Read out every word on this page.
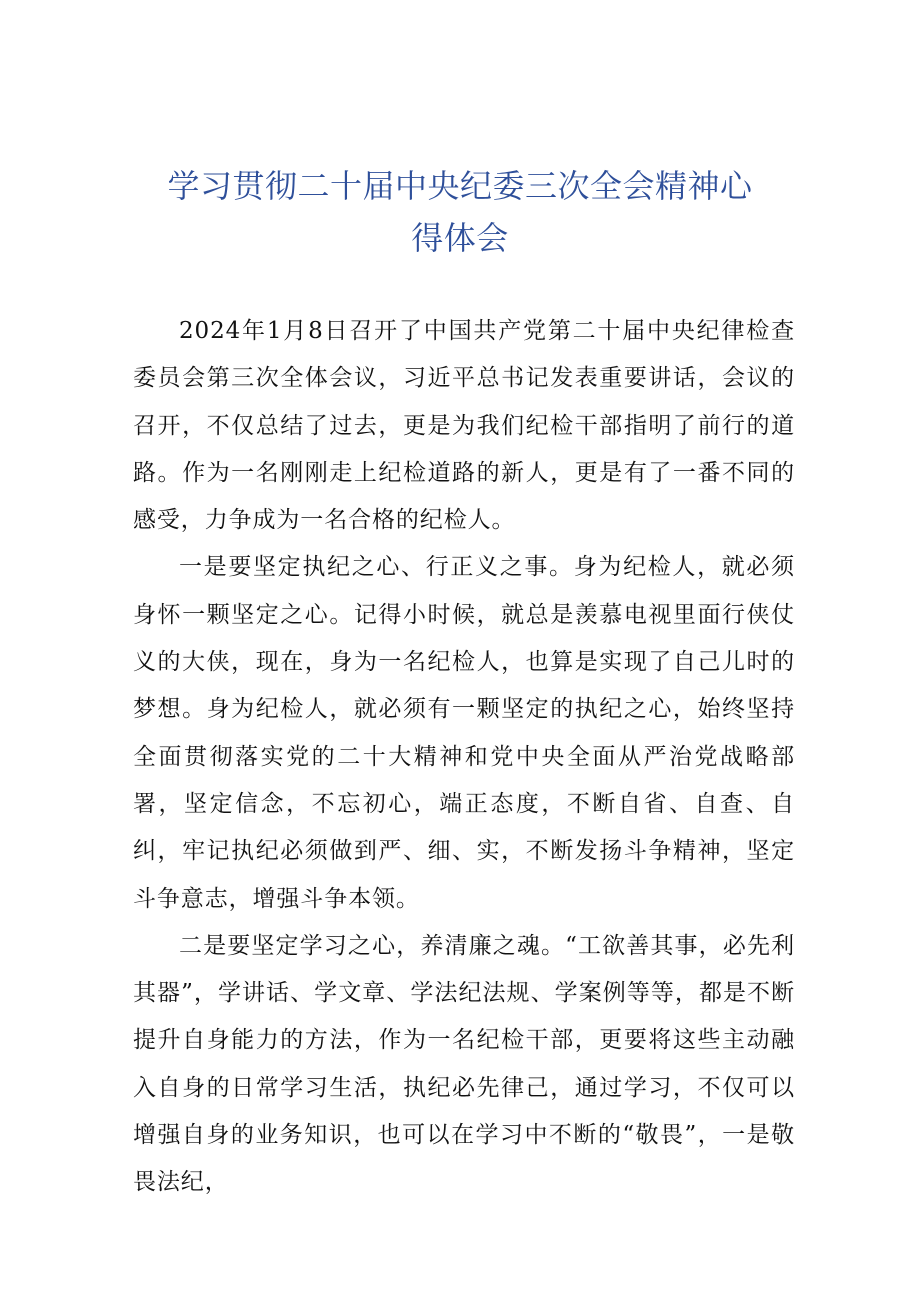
学习贯彻二十届中央纪委三次全会精神心
得体会

2024年1月8日召开了中国共产党第二十届中央纪律检查委员会第三次全体会议，习近平总书记发表重要讲话，会议的召开，不仅总结了过去，更是为我们纪检干部指明了前行的道路。作为一名刚刚走上纪检道路的新人，更是有了一番不同的感受，力争成为一名合格的纪检人。

一是要坚定执纪之心、行正义之事。身为纪检人，就必须身怀一颗坚定之心。记得小时候，就总是羡慕电视里面行侠仗义的大侠，现在，身为一名纪检人，也算是实现了自己儿时的梦想。身为纪检人，就必须有一颗坚定的执纪之心，始终坚持全面贯彻落实党的二十大精神和党中央全面从严治党战略部署，坚定信念，不忘初心，端正态度，不断自省、自查、自纠，牢记执纪必须做到严、细、实，不断发扬斗争精神，坚定斗争意志，增强斗争本领。

二是要坚定学习之心，养清廉之魂。“工欲善其事，必先利其器”，学讲话、学文章、学法纪法规、学案例等等，都是不断提升自身能力的方法，作为一名纪检干部，更要将这些主动融入自身的日常学习生活，执纪必先律己，通过学习，不仅可以增强自身的业务知识，也可以在学习中不断的“敬畏”，一是敬畏法纪，
